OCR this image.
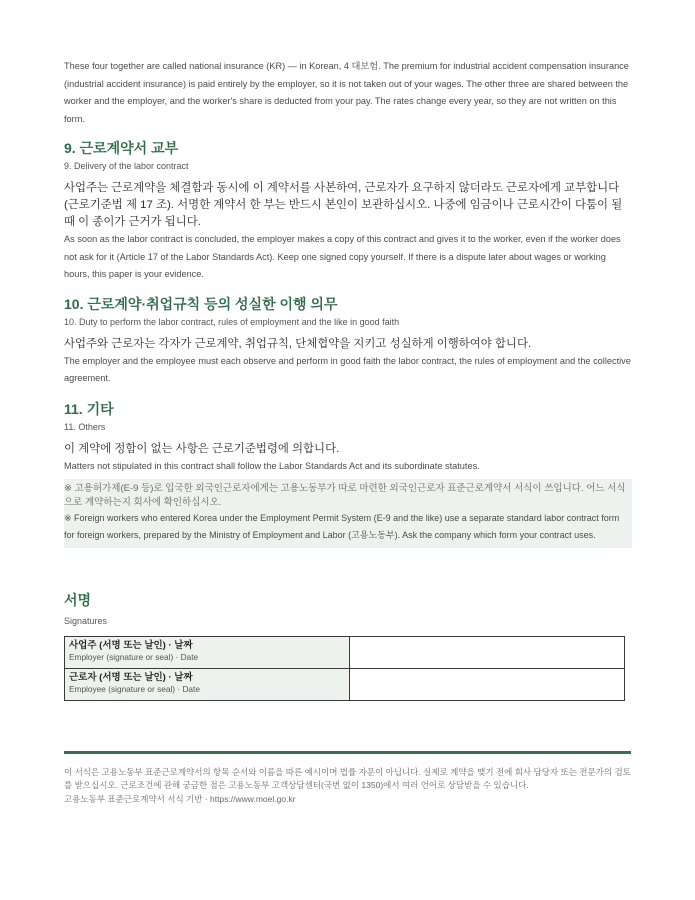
These four together are called national insurance (KR) — in Korean, 4 대보험. The premium for industrial accident compensation insurance (industrial accident insurance) is paid entirely by the employer, so it is not taken out of your wages. The other three are shared between the worker and the employer, and the worker's share is deducted from your pay. The rates change every year, so they are not written on this form.

9. 근로계약서 교부

9. Delivery of the labor contract

사업주는 근로계약을 체결함과 동시에 이 계약서를 사본하여, 근로자가 요구하지 않더라도 근로자에게 교부합니다(근로기준법 제 17 조). 서명한 계약서 한 부는 반드시 본인이 보관하십시오. 나중에 임금이나 근로시간이 다툼이 될 때 이 종이가 근거가 됩니다.

As soon as the labor contract is concluded, the employer makes a copy of this contract and gives it to the worker, even if the worker does not ask for it (Article 17 of the Labor Standards Act). Keep one signed copy yourself. If there is a dispute later about wages or working hours, this paper is your evidence.

10. 근로계약·취업규칙 등의 성실한 이행 의무

10. Duty to perform the labor contract, rules of employment and the like in good faith

사업주와 근로자는 각자가 근로계약, 취업규칙, 단체협약을 지키고 성실하게 이행하여야 합니다.

The employer and the employee must each observe and perform in good faith the labor contract, the rules of employment and the collective agreement.

11. 기타

11. Others

이 계약에 정함이 없는 사항은 근로기준법령에 의합니다.

Matters not stipulated in this contract shall follow the Labor Standards Act and its subordinate statutes.

※ 고용허가제(E-9 등)로 입국한 외국인근로자에게는 고용노동부가 따로 마련한 외국인근로자 표준근로계약서 서식이 쓰입니다. 어느 서식으로 계약하는지 회사에 확인하십시오.

※ Foreign workers who entered Korea under the Employment Permit System (E-9 and the like) use a separate standard labor contract form for foreign workers, prepared by the Ministry of Employment and Labor (고용노동부). Ask the company which form your contract uses.

서명

Signatures

사업주 (서명 또는 날인) · 날짜
Employer (signature or seal) · Date	

근로자 (서명 또는 날인) · 날짜
Employee (signature or seal) · Date	

이 서식은 고용노동부 표준근로계약서의 항목 순서와 이름을 따른 예시이며 법률 자문이 아닙니다. 실제로 계약을 맺기 전에 회사 담당자 또는 전문가의 검토를 받으십시오. 근로조건에 관해 궁금한 점은 고용노동부 고객상담센터(국번 없이 1350)에서 여러 언어로 상담받을 수 있습니다.

고용노동부 표준근로계약서 서식 기반 · https://www.moel.go.kr
